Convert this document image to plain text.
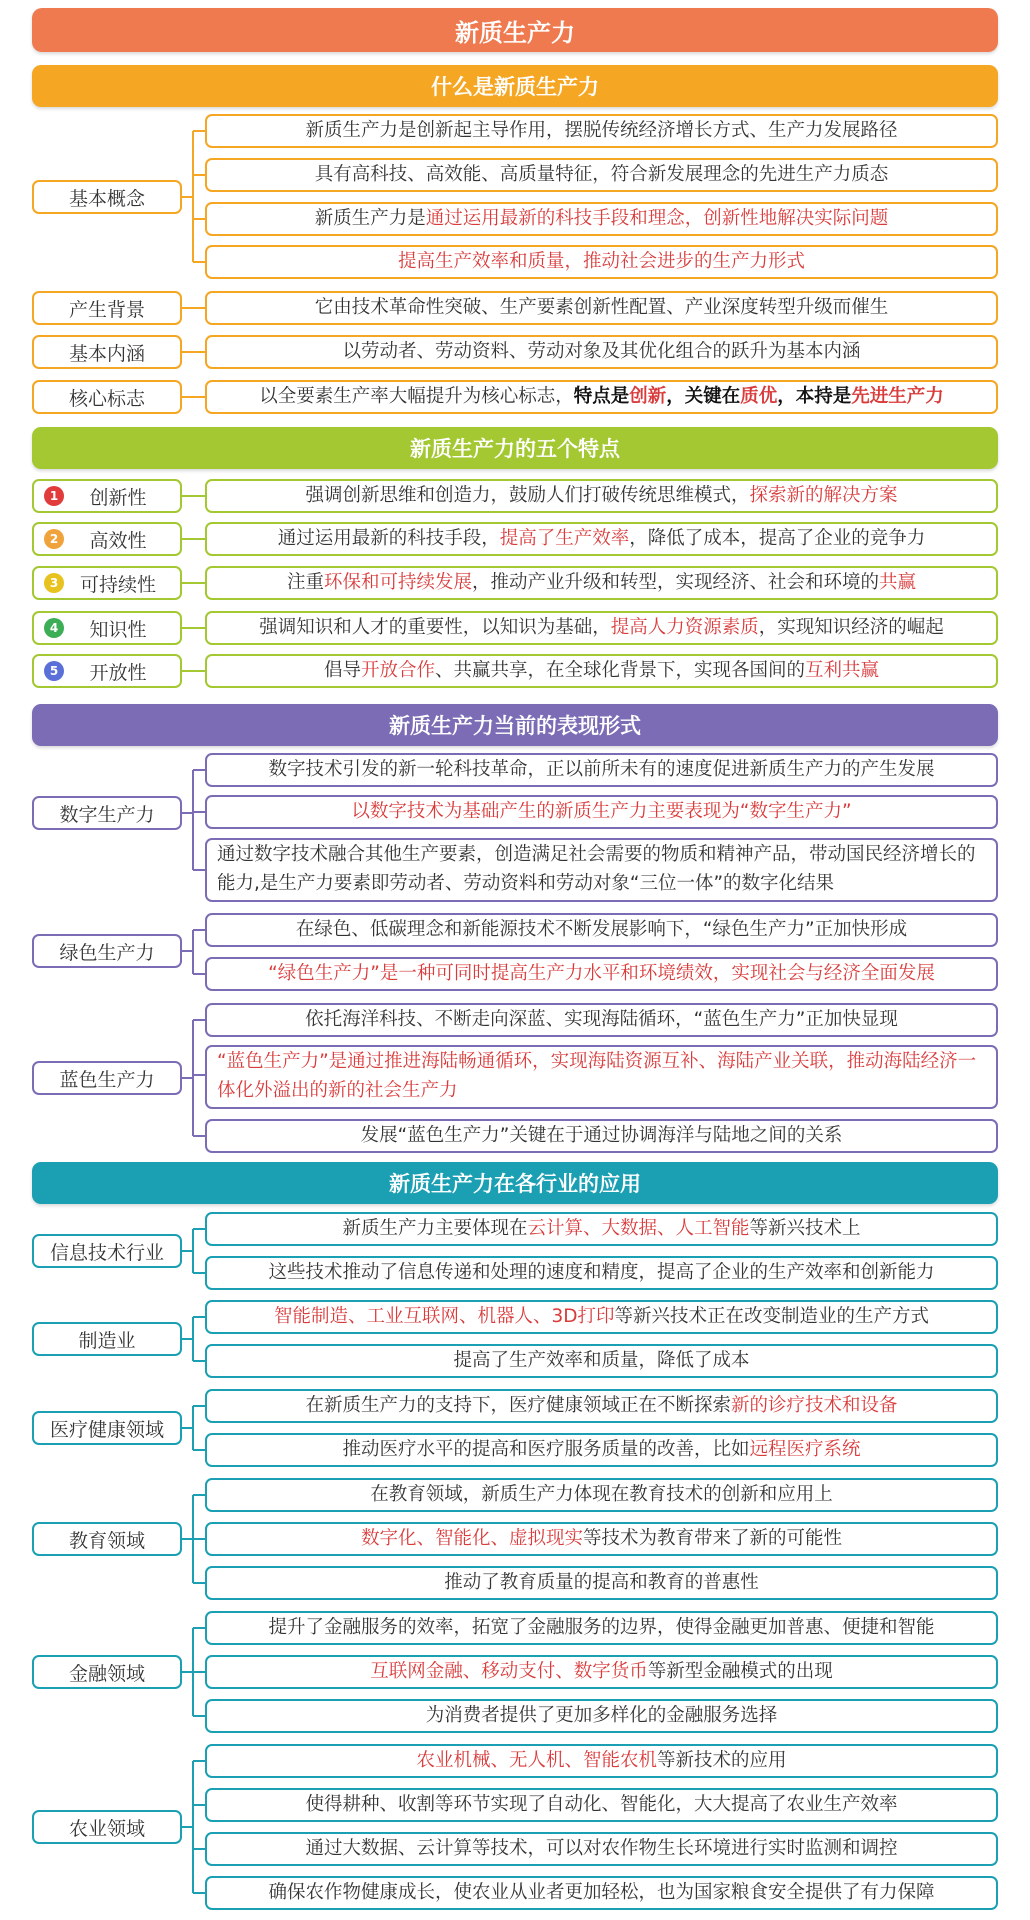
新质生产力
什么是新质生产力
基本概念
新质生产力是创新起主导作用，摆脱传统经济增长方式、生产力发展路径
具有高科技、高效能、高质量特征，符合新发展理念的先进生产力质态
新质生产力是 通过运用最新的科技手段和理念，创新性地解决实际问题
提高生产效率和质量，推动社会进步的生产力形式
产生背景	它由技术革命性突破、生产要素创新性配置、产业深度转型升级而催生
基本内涵	以劳动者、劳动资料、劳动对象及其优化组合的跃升为基本内涵
核心标志	以全要素生产率大幅提升为核心标志， 特点是 创新 ，关键在 质优 ，本持是 先进生产力
新质生产力的五个特点
1	创新性	强调创新思维和创造力，鼓励人们打破传统思维模式， 探索新的解决方案
2	高效性	通过运用最新的科技手段， 提高了生产效率 ，降低了成本，提高了企业的竞争力
3	可持续性	注重 环保和可持续发展 ，推动产业升级和转型，实现经济、社会和环境的 共赢
4	知识性	强调知识和人才的重要性，以知识为基础， 提高人力资源素质 ，实现知识经济的崛起
5	开放性	倡导 开放合作 、共赢共享，在全球化背景下，实现各国间的 互利共赢
新质生产力当前的表现形式
数字生产力
数字技术引发的新一轮科技革命，正以前所未有的速度促进新质生产力的产生发展
以数字技术为基础产生的新质生产力主要表现为“数字生产力”
通过数字技术融合其他生产要素，创造满足社会需要的物质和精神产品，带动国民经济增长的能力,是生产力要素即劳动者、劳动资料和劳动对象“三位一体”的数字化结果
绿色生产力
在绿色、低碳理念和新能源技术不断发展影响下，“绿色生产力”正加快形成
“绿色生产力”是一种可同时提高生产力水平和环境绩效，实现社会与经济全面发展
蓝色生产力
依托海洋科技、不断走向深蓝、实现海陆循环，“蓝色生产力”正加快显现
“蓝色生产力”是通过推进海陆畅通循环，实现海陆资源互补、海陆产业关联，推动海陆经济一体化外溢出的新的社会生产力
发展“蓝色生产力”关键在于通过协调海洋与陆地之间的关系
新质生产力在各行业的应用
信息技术行业
新质生产力主要体现在 云计算、大数据、人工智能 等新兴技术上
这些技术推动了信息传递和处理的速度和精度，提高了企业的生产效率和创新能力
制造业
智能制造、工业互联网、机器人、3D打印 等新兴技术正在改变制造业的生产方式
提高了生产效率和质量，降低了成本
医疗健康领域
在新质生产力的支持下，医疗健康领域正在不断探索 新的诊疗技术和设备
推动医疗水平的提高和医疗服务质量的改善，比如 远程医疗系统
教育领域
在教育领域，新质生产力体现在教育技术的创新和应用上
数字化、智能化、虚拟现实 等技术为教育带来了新的可能性
推动了教育质量的提高和教育的普惠性
金融领域
提升了金融服务的效率，拓宽了金融服务的边界，使得金融更加普惠、便捷和智能
互联网金融、移动支付、数字货币 等新型金融模式的出现
为消费者提供了更加多样化的金融服务选择
农业领域
农业机械、无人机、智能农机 等新技术的应用
使得耕种、收割等环节实现了自动化、智能化，大大提高了农业生产效率
通过大数据、云计算等技术，可以对农作物生长环境进行实时监测和调控
确保农作物健康成长，使农业从业者更加轻松，也为国家粮食安全提供了有力保障
